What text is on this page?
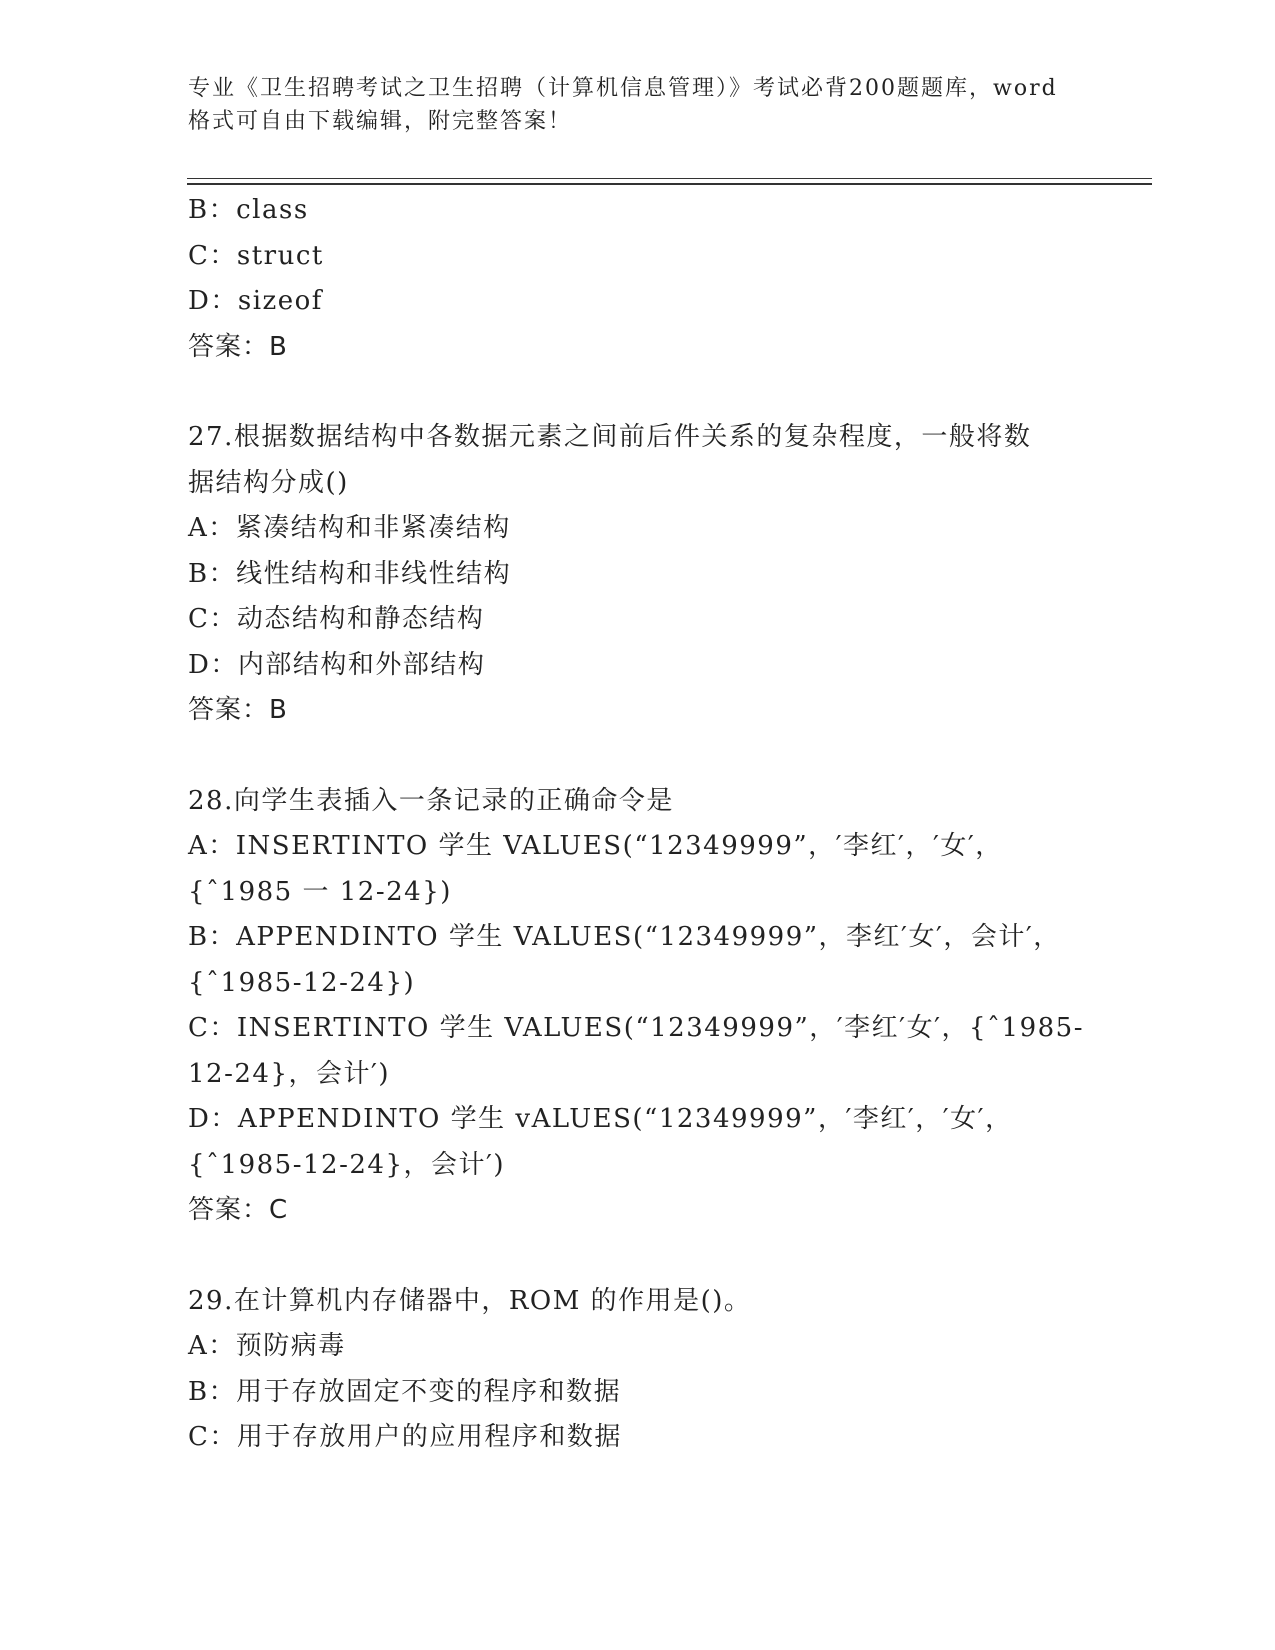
专业《卫生招聘考试之卫生招聘（计算机信息管理）》考试必背200题题库，word
格式可自由下载编辑，附完整答案！
B：class
C：struct
D：sizeof
答案：B
27.根据数据结构中各数据元素之间前后件关系的复杂程度，一般将数
据结构分成()
A：紧凑结构和非紧凑结构
B：线性结构和非线性结构
C：动态结构和静态结构
D：内部结构和外部结构
答案：B
28.向学生表插入一条记录的正确命令是
A：INSERTINTO 学生 VALUES(“12349999”，′李红′，′女′，
{ˆ1985 一 12-24})
B：APPENDINTO 学生 VALUES(“12349999”，李红′女′，会计′，
{ˆ1985-12-24})
C：INSERTINTO 学生 VALUES(“12349999”，′李红′女′，{ˆ1985-
12-24}，会计′)
D：APPENDINTO 学生 vALUES(“12349999”，′李红′，′女′，
{ˆ1985-12-24}，会计′)
答案：C
29.在计算机内存储器中，ROM 的作用是()。
A：预防病毒
B：用于存放固定不变的程序和数据
C：用于存放用户的应用程序和数据
